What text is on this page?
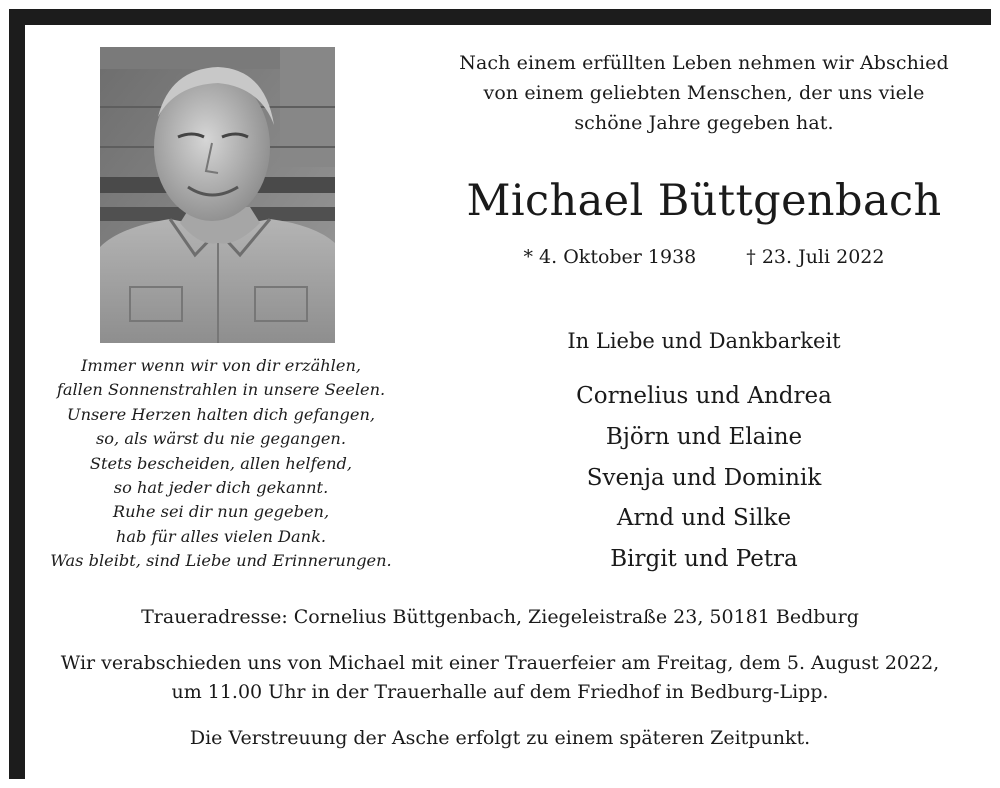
Immer wenn wir von dir erzählen,
fallen Sonnenstrahlen in unsere Seelen.
Unsere Herzen halten dich gefangen,
so, als wärst du nie gegangen.
Stets bescheiden, allen helfend,
so hat jeder dich gekannt.
Ruhe sei dir nun gegeben,
hab für alles vielen Dank.
Was bleibt, sind Liebe und Erinnerungen.
Nach einem erfüllten Leben nehmen wir Abschied
von einem geliebten Menschen, der uns viele
schöne Jahre gegeben hat.
Michael Büttgenbach
* 4. Oktober 1938	† 23. Juli 2022
In Liebe und Dankbarkeit
Cornelius und Andrea
Björn und Elaine
Svenja und Dominik
Arnd und Silke
Birgit und Petra
Traueradresse: Cornelius Büttgenbach, Ziegeleistraße 23, 50181 Bedburg
Wir verabschieden uns von Michael mit einer Trauerfeier am Freitag, dem 5. August 2022,
um 11.00 Uhr in der Trauerhalle auf dem Friedhof in Bedburg-Lipp.
Die Verstreuung der Asche erfolgt zu einem späteren Zeitpunkt.
